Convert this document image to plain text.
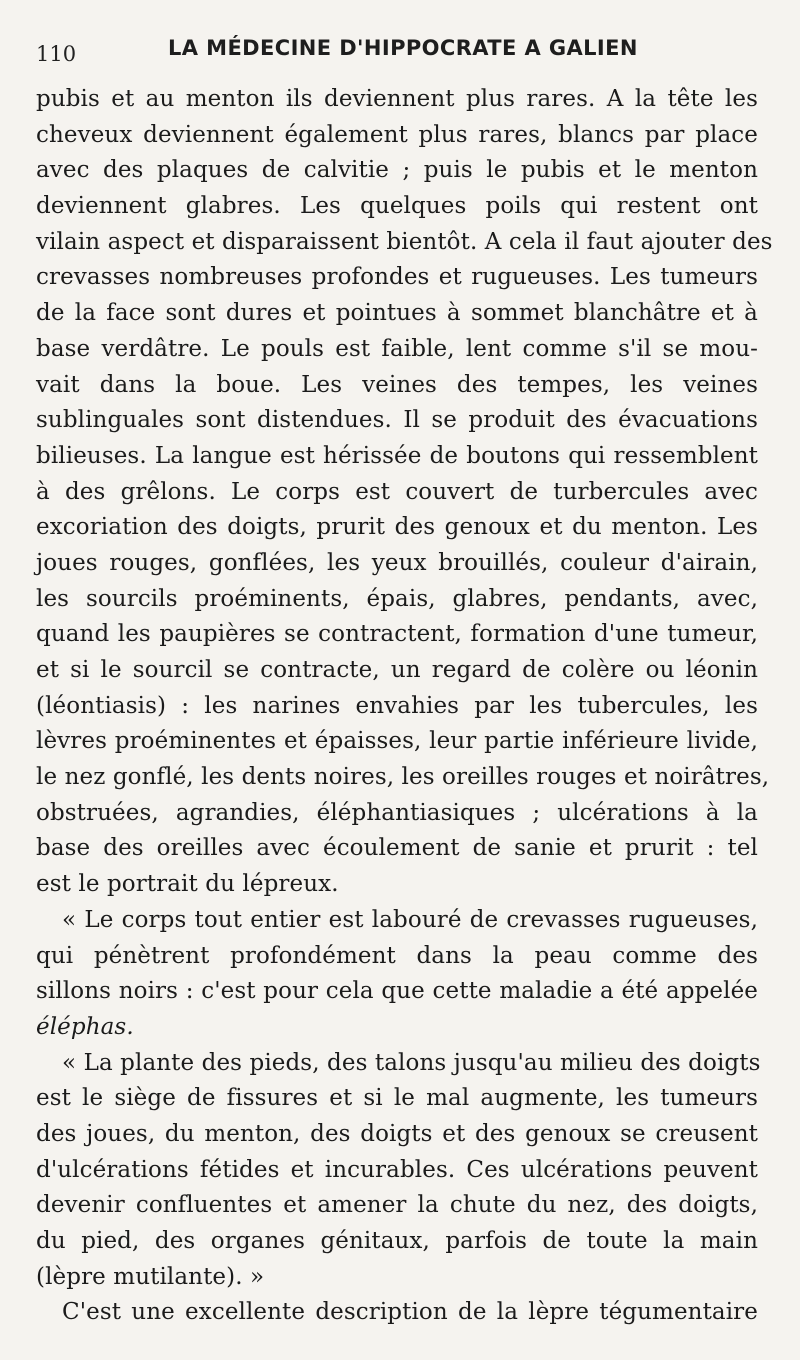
110	LA MÉDECINE D'HIPPOCRATE A GALIEN
pubis et au menton ils deviennent plus rares. A la tête les
cheveux deviennent également plus rares, blancs par place
avec des plaques de calvitie ; puis le pubis et le menton
deviennent glabres. Les quelques poils qui restent ont
vilain aspect et disparaissent bientôt. A cela il faut ajouter des
crevasses nombreuses profondes et rugueuses. Les tumeurs
de la face sont dures et pointues à sommet blanchâtre et à
base verdâtre. Le pouls est faible, lent comme s'il se mou-
vait dans la boue. Les veines des tempes, les veines
sublinguales sont distendues. Il se produit des évacuations
bilieuses. La langue est hérissée de boutons qui ressemblent
à des grêlons. Le corps est couvert de turbercules avec
excoriation des doigts, prurit des genoux et du menton. Les
joues rouges, gonflées, les yeux brouillés, couleur d'airain,
les sourcils proéminents, épais, glabres, pendants, avec,
quand les paupières se contractent, formation d'une tumeur,
et si le sourcil se contracte, un regard de colère ou léonin
(léontiasis) : les narines envahies par les tubercules, les
lèvres proéminentes et épaisses, leur partie inférieure livide,
le nez gonflé, les dents noires, les oreilles rouges et noirâtres,
obstruées, agrandies, éléphantiasiques ; ulcérations à la
base des oreilles avec écoulement de sanie et prurit : tel
est le portrait du lépreux.
« Le corps tout entier est labouré de crevasses rugueuses,
qui pénètrent profondément dans la peau comme des
sillons noirs : c'est pour cela que cette maladie a été appelée
éléphas.
« La plante des pieds, des talons jusqu'au milieu des doigts
est le siège de fissures et si le mal augmente, les tumeurs
des joues, du menton, des doigts et des genoux se creusent
d'ulcérations fétides et incurables. Ces ulcérations peuvent
devenir confluentes et amener la chute du nez, des doigts,
du pied, des organes génitaux, parfois de toute la main
(lèpre mutilante). »
C'est une excellente description de la lèpre tégumentaire
